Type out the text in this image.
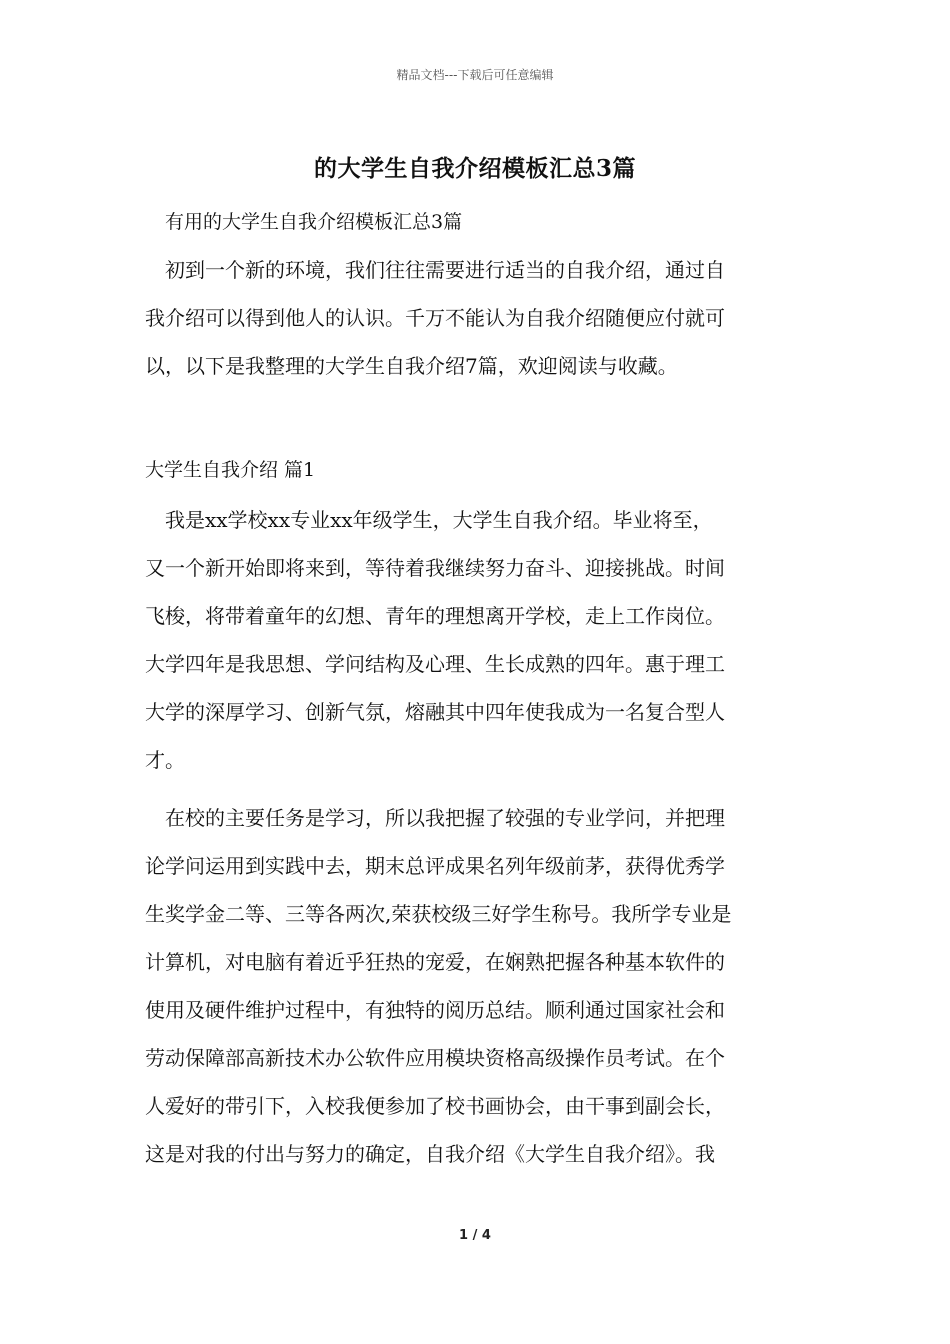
精品文档---下载后可任意编辑
的大学生自我介绍模板汇总3篇
有用的大学生自我介绍模板汇总3篇
　初到一个新的环境，我们往往需要进行适当的自我介绍，通过自
我介绍可以得到他人的认识。千万不能认为自我介绍随便应付就可
以，以下是我整理的大学生自我介绍7篇，欢迎阅读与收藏。
大学生自我介绍 篇1
　我是xx学校xx专业xx年级学生，大学生自我介绍。毕业将至，
又一个新开始即将来到，等待着我继续努力奋斗、迎接挑战。时间
飞梭，将带着童年的幻想、青年的理想离开学校，走上工作岗位。
大学四年是我思想、学问结构及心理、生长成熟的四年。惠于理工
大学的深厚学习、创新气氛，熔融其中四年使我成为一名复合型人
才。
　在校的主要任务是学习，所以我把握了较强的专业学问，并把理
论学问运用到实践中去，期末总评成果名列年级前茅，获得优秀学
生奖学金二等、三等各两次,荣获校级三好学生称号。我所学专业是
计算机，对电脑有着近乎狂热的宠爱，在娴熟把握各种基本软件的
使用及硬件维护过程中，有独特的阅历总结。顺利通过国家社会和
劳动保障部高新技术办公软件应用模块资格高级操作员考试。在个
人爱好的带引下，入校我便参加了校书画协会，由干事到副会长，
这是对我的付出与努力的确定，自我介绍《大学生自我介绍》。我
1 / 4
